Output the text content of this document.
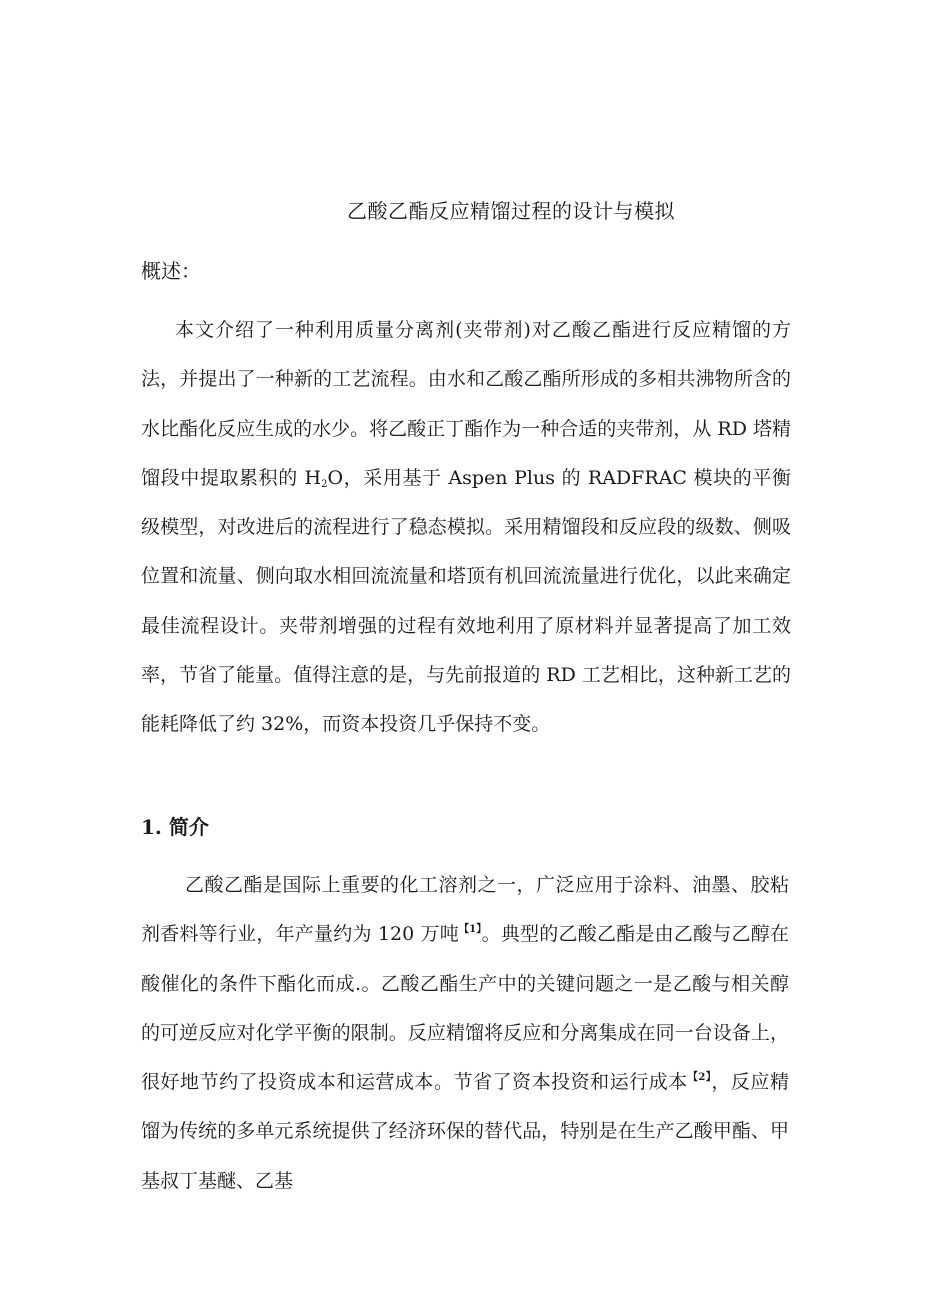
乙酸乙酯反应精馏过程的设计与模拟
概述：

本文介绍了一种利用质量分离剂(夹带剂)对乙酸乙酯进行反应精馏的方法，并提出了一种新的工艺流程。由水和乙酸乙酯所形成的多相共沸物所含的水比酯化反应生成的水少。将乙酸正丁酯作为一种合适的夹带剂，从 RD 塔精馏段中提取累积的 $H_2O$，采用基于 Aspen Plus 的 RADFRAC 模块的平衡级模型，对改进后的流程进行了稳态模拟。采用精馏段和反应段的级数、侧吸位置和流量、侧向取水相回流流量和塔顶有机回流流量进行优化，以此来确定最佳流程设计。夹带剂增强的过程有效地利用了原材料并显著提高了加工效率，节省了能量。值得注意的是，与先前报道的 RD 工艺相比，这种新工艺的能耗降低了约 32%，而资本投资几乎保持不变。

1. 简介

乙酸乙酯是国际上重要的化工溶剂之一，广泛应用于涂料、油墨、胶粘剂香料等行业，年产量约为 120 万吨$^{【1】}$。典型的乙酸乙酯是由乙酸与乙醇在酸催化的条件下酯化而成.。乙酸乙酯生产中的关键问题之一是乙酸与相关醇的可逆反应对化学平衡的限制。反应精馏将反应和分离集成在同一台设备上，很好地节约了投资成本和运营成本。节省了资本投资和运行成本$^{【2】}$，反应精馏为传统的多单元系统提供了经济环保的替代品，特别是在生产乙酸甲酯、甲基叔丁基醚、乙基
